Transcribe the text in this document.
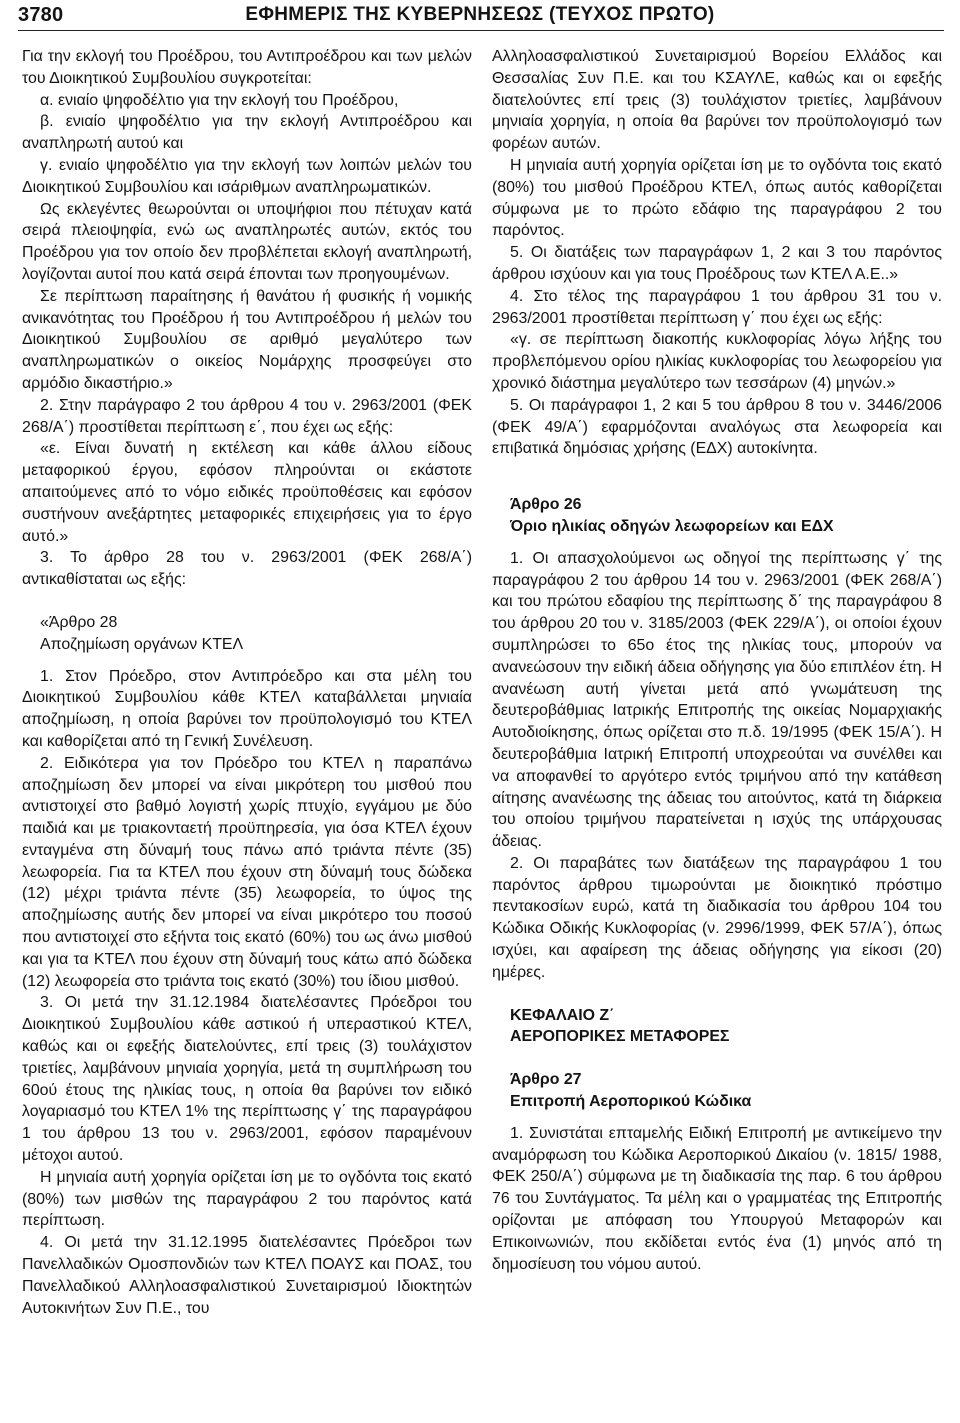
3780	ΕΦΗΜΕΡΙΣ ΤΗΣ ΚΥΒΕΡΝΗΣΕΩΣ (ΤΕΥΧΟΣ ΠΡΩΤΟ)

Για την εκλογή του Προέδρου, του Αντιπροέδρου και των μελών του Διοικητικού Συμβουλίου συγκροτείται:

α. ενιαίο ψηφοδέλτιο για την εκλογή του Προέδρου,

β. ενιαίο ψηφοδέλτιο για την εκλογή Αντιπροέδρου και αναπληρωτή αυτού και

γ. ενιαίο ψηφοδέλτιο για την εκλογή των λοιπών μελών του Διοικητικού Συμβουλίου και ισάριθμων αναπληρωματικών.

Ως εκλεγέντες θεωρούνται οι υποψήφιοι που πέτυχαν κατά σειρά πλειοψηφία, ενώ ως αναπληρωτές αυτών, εκτός του Προέδρου για τον οποίο δεν προβλέπεται εκλογή αναπληρωτή, λογίζονται αυτοί που κατά σειρά έπονται των προηγουμένων.

Σε περίπτωση παραίτησης ή θανάτου ή φυσικής ή νομικής ανικανότητας του Προέδρου ή του Αντιπροέδρου ή μελών του Διοικητικού Συμβουλίου σε αριθμό μεγαλύτερο των αναπληρωματικών ο οικείος Νομάρχης προσφεύγει στο αρμόδιο δικαστήριο.»

2. Στην παράγραφο 2 του άρθρου 4 του ν. 2963/2001 (ΦΕΚ 268/Α΄) προστίθεται περίπτωση ε΄, που έχει ως εξής:

«ε. Είναι δυνατή η εκτέλεση και κάθε άλλου είδους μεταφορικού έργου, εφόσον πληρούνται οι εκάστοτε απαιτούμενες από το νόμο ειδικές προϋποθέσεις και εφόσον συστήνουν ανεξάρτητες μεταφορικές επιχειρήσεις για το έργο αυτό.»

3. Το άρθρο 28 του ν. 2963/2001 (ΦΕΚ 268/Α΄) αντικαθίσταται ως εξής:

«Άρθρο 28

Αποζημίωση οργάνων ΚΤΕΛ

1. Στον Πρόεδρο, στον Αντιπρόεδρο και στα μέλη του Διοικητικού Συμβουλίου κάθε ΚΤΕΛ καταβάλλεται μηνιαία αποζημίωση, η οποία βαρύνει τον προϋπολογισμό του ΚΤΕΛ και καθορίζεται από τη Γενική Συνέλευση.

2. Ειδικότερα για τον Πρόεδρο του ΚΤΕΛ η παραπάνω αποζημίωση δεν μπορεί να είναι μικρότερη του μισθού που αντιστοιχεί στο βαθμό λογιστή χωρίς πτυχίο, εγγάμου με δύο παιδιά και με τριακονταετή προϋπηρεσία, για όσα ΚΤΕΛ έχουν ενταγμένα στη δύναμή τους πάνω από τριάντα πέντε (35) λεωφορεία. Για τα ΚΤΕΛ που έχουν στη δύναμή τους δώδεκα (12) μέχρι τριάντα πέντε (35) λεωφορεία, το ύψος της αποζημίωσης αυτής δεν μπορεί να είναι μικρότερο του ποσού που αντιστοιχεί στο εξήντα τοις εκατό (60%) του ως άνω μισθού και για τα ΚΤΕΛ που έχουν στη δύναμή τους κάτω από δώδεκα (12) λεωφορεία στο τριάντα τοις εκατό (30%) του ίδιου μισθού.

3. Οι μετά την 31.12.1984 διατελέσαντες Πρόεδροι του Διοικητικού Συμβουλίου κάθε αστικού ή υπεραστικού ΚΤΕΛ, καθώς και οι εφεξής διατελούντες, επί τρεις (3) τουλάχιστον τριετίες, λαμβάνουν μηνιαία χορηγία, μετά τη συμπλήρωση του 60ού έτους της ηλικίας τους, η οποία θα βαρύνει τον ειδικό λογαριασμό του ΚΤΕΛ 1% της περίπτωσης γ΄ της παραγράφου 1 του άρθρου 13 του ν. 2963/2001, εφόσον παραμένουν μέτοχοι αυτού.

Η μηνιαία αυτή χορηγία ορίζεται ίση με το ογδόντα τοις εκατό (80%) των μισθών της παραγράφου 2 του παρόντος κατά περίπτωση.

4. Οι μετά την 31.12.1995 διατελέσαντες Πρόεδροι των Πανελλαδικών Ομοσπονδιών των ΚΤΕΛ ΠΟΑΥΣ και ΠΟΑΣ, του Πανελλαδικού Αλληλοασφαλιστικού Συνεταιρισμού Ιδιοκτητών Αυτοκινήτων Συν Π.Ε., του

Αλληλοασφαλιστικού Συνεταιρισμού Βορείου Ελλάδος και Θεσσαλίας Συν Π.Ε. και του ΚΣΑΥΛΕ, καθώς και οι εφεξής διατελούντες επί τρεις (3) τουλάχιστον τριετίες, λαμβάνουν μηνιαία χορηγία, η οποία θα βαρύνει τον προϋπολογισμό των φορέων αυτών.

Η μηνιαία αυτή χορηγία ορίζεται ίση με το ογδόντα τοις εκατό (80%) του μισθού Προέδρου ΚΤΕΛ, όπως αυτός καθορίζεται σύμφωνα με το πρώτο εδάφιο της παραγράφου 2 του παρόντος.

5. Οι διατάξεις των παραγράφων 1, 2 και 3 του παρόντος άρθρου ισχύουν και για τους Προέδρους των ΚΤΕΛ Α.Ε..»

4. Στο τέλος της παραγράφου 1 του άρθρου 31 του ν. 2963/2001 προστίθεται περίπτωση γ΄ που έχει ως εξής:

«γ. σε περίπτωση διακοπής κυκλοφορίας λόγω λήξης του προβλεπόμενου ορίου ηλικίας κυκλοφορίας του λεωφορείου για χρονικό διάστημα μεγαλύτερο των τεσσάρων (4) μηνών.»

5. Οι παράγραφοι 1, 2 και 5 του άρθρου 8 του ν. 3446/2006 (ΦΕΚ 49/Α΄) εφαρμόζονται αναλόγως στα λεωφορεία και επιβατικά δημόσιας χρήσης (ΕΔΧ) αυτοκίνητα.

Άρθρο 26

Όριο ηλικίας οδηγών λεωφορείων και ΕΔΧ

1. Οι απασχολούμενοι ως οδηγοί της περίπτωσης γ΄ της παραγράφου 2 του άρθρου 14 του ν. 2963/2001 (ΦΕΚ 268/Α΄) και του πρώτου εδαφίου της περίπτωσης δ΄ της παραγράφου 8 του άρθρου 20 του ν. 3185/2003 (ΦΕΚ 229/Α΄), οι οποίοι έχουν συμπληρώσει το 65ο έτος της ηλικίας τους, μπορούν να ανανεώσουν την ειδική άδεια οδήγησης για δύο επιπλέον έτη. Η ανανέωση αυτή γίνεται μετά από γνωμάτευση της δευτεροβάθμιας Ιατρικής Επιτροπής της οικείας Νομαρχιακής Αυτοδιοίκησης, όπως ορίζεται στο π.δ. 19/1995 (ΦΕΚ 15/Α΄). Η δευτεροβάθμια Ιατρική Επιτροπή υποχρεούται να συνέλθει και να αποφανθεί το αργότερο εντός τριμήνου από την κατάθεση αίτησης ανανέωσης της άδειας του αιτούντος, κατά τη διάρκεια του οποίου τριμήνου παρατείνεται η ισχύς της υπάρχουσας άδειας.

2. Οι παραβάτες των διατάξεων της παραγράφου 1 του παρόντος άρθρου τιμωρούνται με διοικητικό πρόστιμο πεντακοσίων ευρώ, κατά τη διαδικασία του άρθρου 104 του Κώδικα Οδικής Κυκλοφορίας (ν. 2996/1999, ΦΕΚ 57/Α΄), όπως ισχύει, και αφαίρεση της άδειας οδήγησης για είκοσι (20) ημέρες.

ΚΕΦΑΛΑΙΟ Ζ΄

ΑΕΡΟΠΟΡΙΚΕΣ ΜΕΤΑΦΟΡΕΣ

Άρθρο 27

Επιτροπή Αεροπορικού Κώδικα

1. Συνιστάται επταμελής Ειδική Επιτροπή με αντικείμενο την αναμόρφωση του Κώδικα Αεροπορικού Δικαίου (ν. 1815/ 1988, ΦΕΚ 250/Α΄) σύμφωνα με τη διαδικασία της παρ. 6 του άρθρου 76 του Συντάγματος. Τα μέλη και ο γραμματέας της Επιτροπής ορίζονται με απόφαση του Υπουργού Μεταφορών και Επικοινωνιών, που εκδίδεται εντός ένα (1) μηνός από τη δημοσίευση του νόμου αυτού.
